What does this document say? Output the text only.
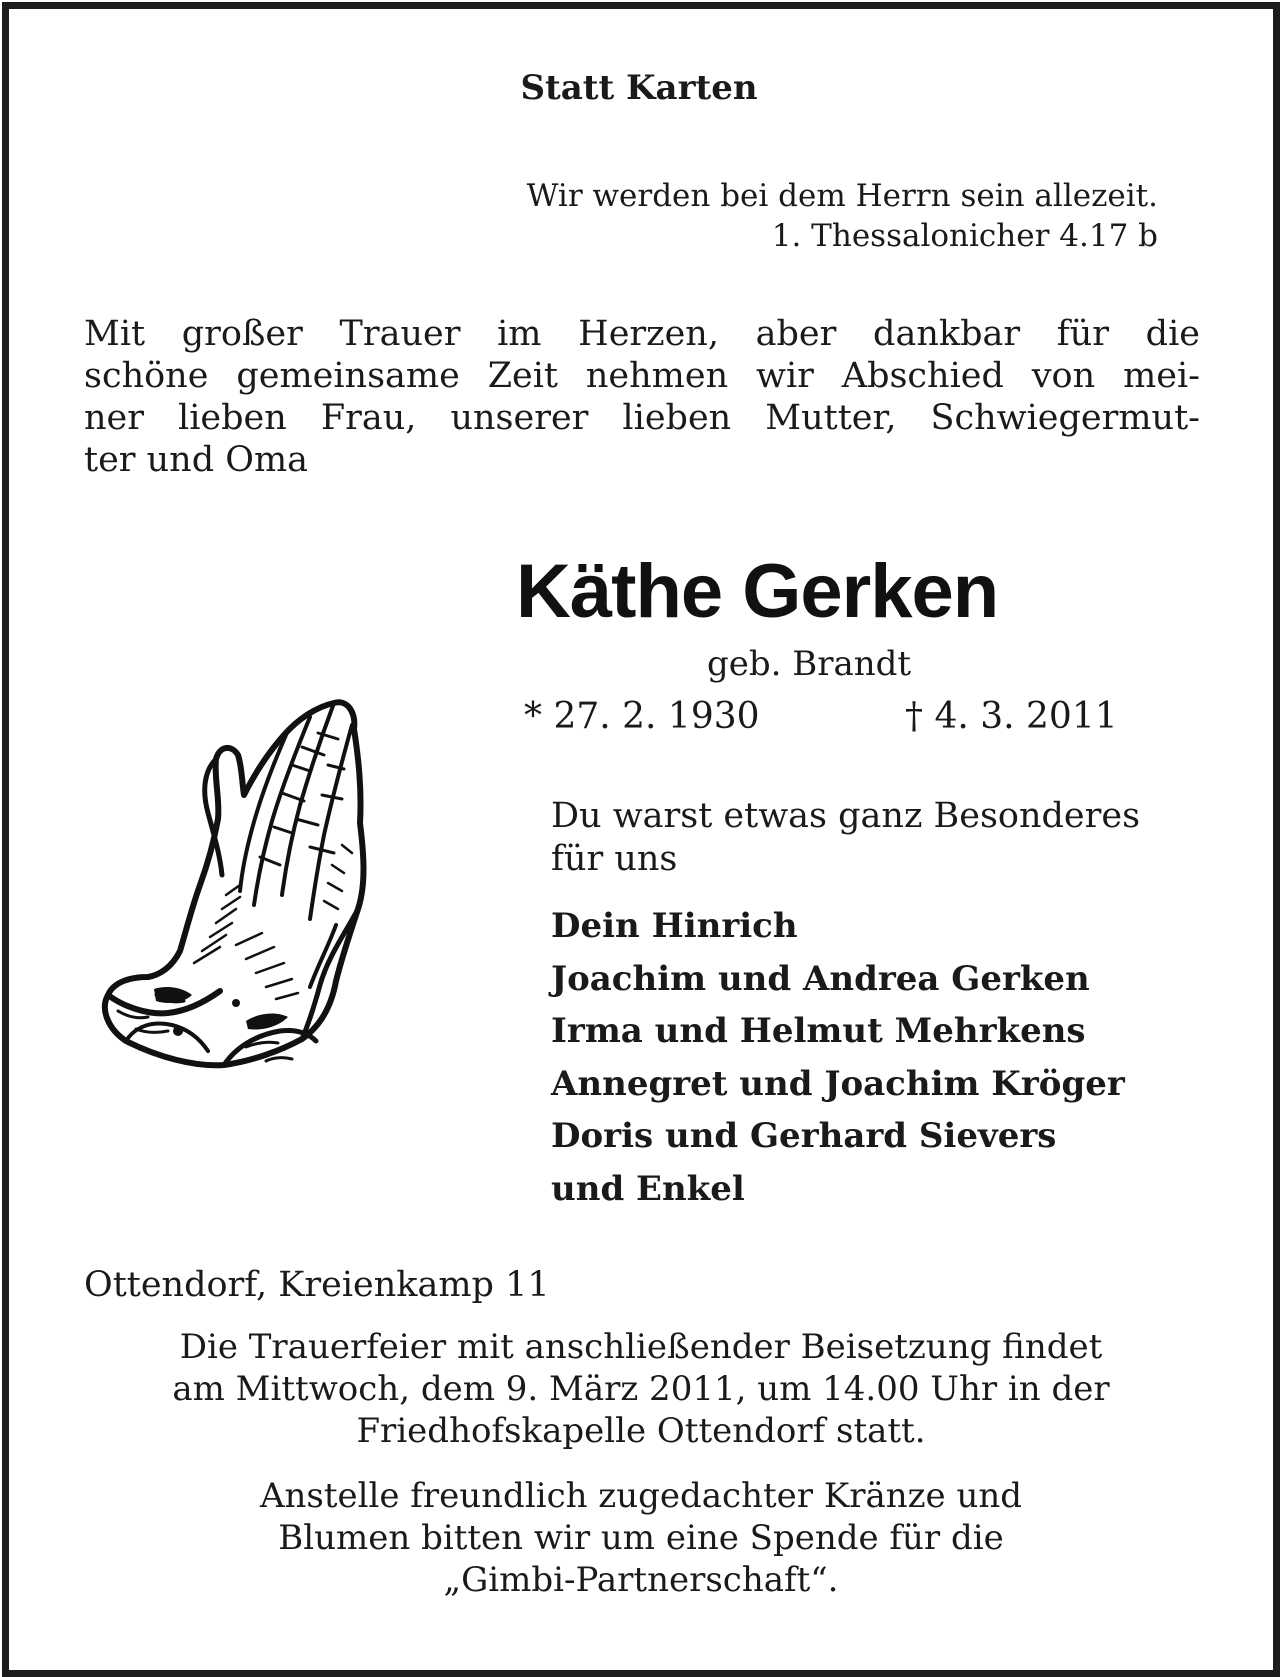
Statt Karten

Wir werden bei dem Herrn sein allezeit.
1. Thessalonicher 4.17 b
Mit großer Trauer im Herzen, aber dankbar für die
schöne gemeinsame Zeit nehmen wir Abschied von mei-
ner lieben Frau, unserer lieben Mutter, Schwiegermut-
ter und Oma
Käthe Gerken
geb. Brandt
* 27. 2. 1930	† 4. 3. 2011
Du warst etwas ganz Besonderes
für uns
Dein Hinrich
Joachim und Andrea Gerken
Irma und Helmut Mehrkens
Annegret und Joachim Kröger
Doris und Gerhard Sievers
und Enkel
Ottendorf, Kreienkamp 11
Die Trauerfeier mit anschließender Beisetzung findet
am Mittwoch, dem 9. März 2011, um 14.00 Uhr in der
Friedhofskapelle Ottendorf statt.
Anstelle freundlich zugedachter Kränze und
Blumen bitten wir um eine Spende für die
„Gimbi-Partnerschaft“.
